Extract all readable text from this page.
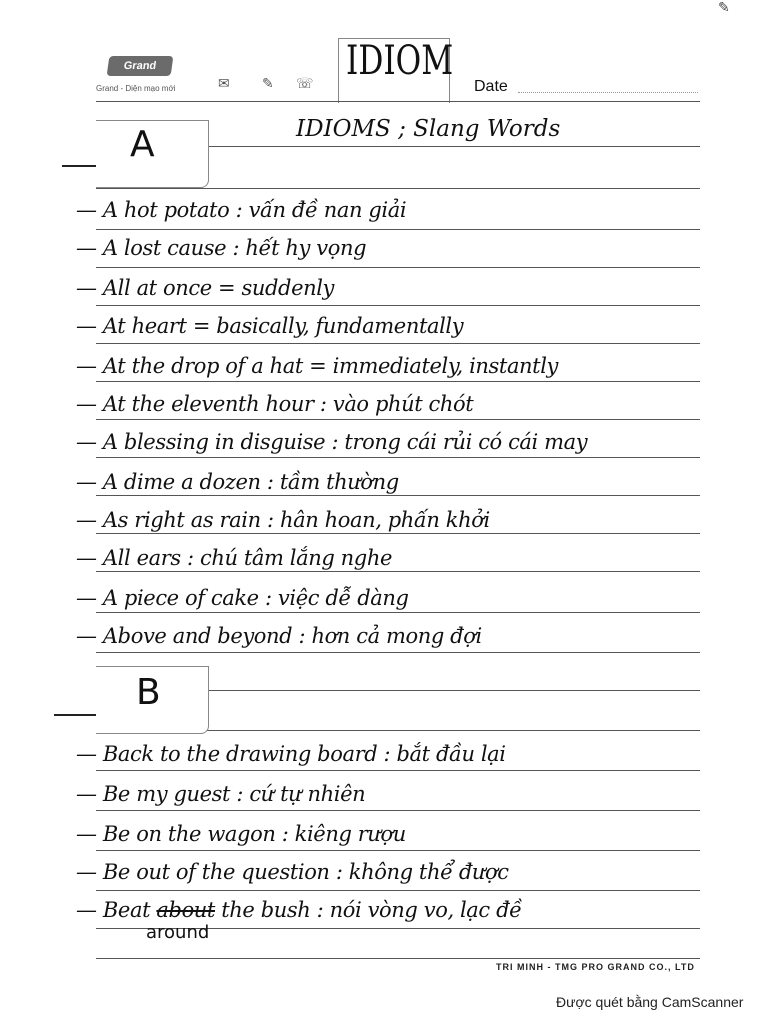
✎
Grand
Grand - Diện mạo mới	✉ ✎ ☏ IDIOM
Date
A	IDIOMS ; Slang Words
— A hot potato : vấn đề nan giải
— A lost cause : hết hy vọng
— All at once = suddenly
— At heart = basically, fundamentally
— At the drop of a hat = immediately, instantly
— At the eleventh hour : vào phút chót
— A blessing in disguise : trong cái rủi có cái may
— A dime a dozen : tầm thường
— As right as rain : hân hoan, phấn khởi
— All ears : chú tâm lắng nghe
— A piece of cake : việc dễ dàng
— Above and beyond : hơn cả mong đợi
B
— Back to the drawing board : bắt đầu lại
— Be my guest : cứ tự nhiên
— Be on the wagon : kiêng rượu
— Be out of the question : không thể được
— Beat about the bush : nói vòng vo, lạc đề
around
TRI MINH - TMG PRO GRAND CO., LTD
Được quét bằng CamScanner
